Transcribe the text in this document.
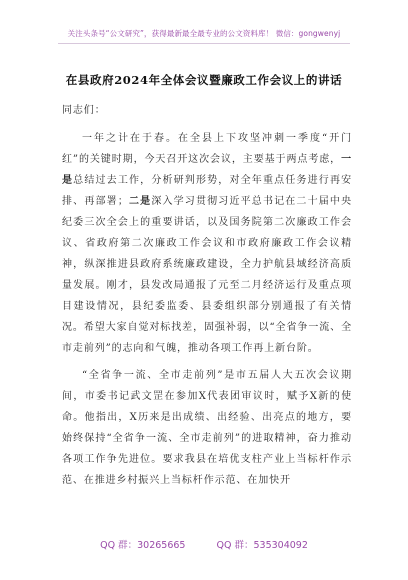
关注头条号“公文研究”，获得最新最全最专业的公文资料库！ 微信：gongwenyj
在县政府2024年全体会议暨廉政工作会议上的讲话

同志们：

一年之计在于春。在全县上下攻坚冲刺一季度“开门红”的关键时期，今天召开这次会议，主要基于两点考虑，一是总结过去工作，分析研判形势，对全年重点任务进行再安排、再部署；二是深入学习贯彻习近平总书记在二十届中央纪委三次全会上的重要讲话，以及国务院第二次廉政工作会议、省政府第二次廉政工作会议和市政府廉政工作会议精神，纵深推进县政府系统廉政建设，全力护航县域经济高质量发展。刚才，县发改局通报了元至二月经济运行及重点项目建设情况，县纪委监委、县委组织部分别通报了有关情况。希望大家自觉对标找差，固强补弱，以“全省争一流、全市走前列”的志向和气魄，推动各项工作再上新台阶。

“全省争一流、全市走前列”是市五届人大五次会议期间，市委书记武文罡在参加X代表团审议时，赋予X新的使命。他指出，X历来是出成绩、出经验、出亮点的地方，要始终保持“全省争一流、全市走前列”的进取精神，奋力推动各项工作争先进位。要求我县在培优支柱产业上当标杆作示范、在推进乡村振兴上当标杆作示范、在加快开

QQ 群：30265665	QQ 群：535304092
